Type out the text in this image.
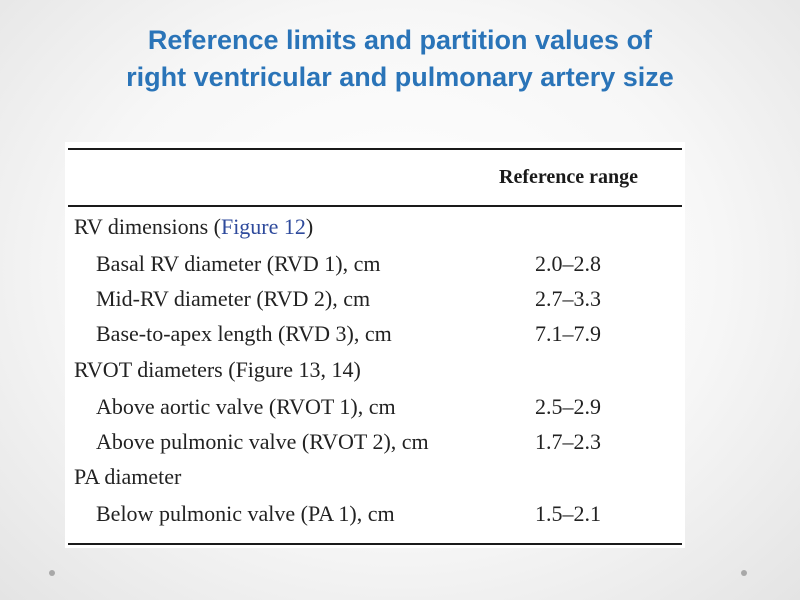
Reference limits and partition values of
right ventricular and pulmonary artery size
Reference range
RV dimensions (Figure 12)
Basal RV diameter (RVD 1), cm	2.0–2.8
Mid-RV diameter (RVD 2), cm	2.7–3.3
Base-to-apex length (RVD 3), cm	7.1–7.9
RVOT diameters (Figure 13, 14)
Above aortic valve (RVOT 1), cm	2.5–2.9
Above pulmonic valve (RVOT 2), cm	1.7–2.3
PA diameter
Below pulmonic valve (PA 1), cm	1.5–2.1
